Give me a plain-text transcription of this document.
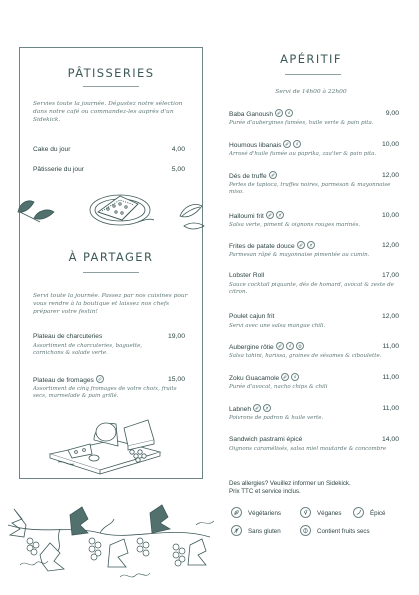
PÂTISSERIES
Servies toute la journée. Dégustez notre sélection dans notre café ou commandez-les auprès d'un Sidekick.
Cake du jour	4,00
Pâtisserie du jour	5,00
À PARTAGER
Servi toute la journée. Passez par nos cuisines pour vous rendre à la boutique et laissez nos chefs préparer votre festin!
Plateau de charcuteries	19,00
Assortiment de charcuteries, baguette, cornichons & salade verte.
Plateau de fromages	15,00
Assortiment de cinq fromages de votre choix, fruits secs, marmelade & pain grillé.
APÉRITIF
Servi de 14h00 à 22h00
Baba Ganoush	9,00
Purée d'aubergines fumées, huile verte & pain pita.
Houmous libanais	10,00
Arrosé d'huile fumée au paprika, zaa'ter & pain pita.
Dés de truffe	12,00
Perles de tapioca, truffes noires, parmesan & mayonnaise miso.
Halloumi frit	10,00
Salsa verte, piment & oignons rouges marinés.
Frites de patate douce	12,00
Parmesan râpé & mayonnaise pimentée au cumin.
Lobster Roll	17,00
Sauce cocktail piquante, dés de homard, avocat & zeste de citron.
Poulet cajun frit	12,00
Servi avec une salsa mangue chili.
Aubergine rôtie	11,00
Salsa tahini, harissa, graines de sésames & ciboulette.
Zoku Guacamole	11,00
Purée d'avocat, nacho chips & chili
Labneh	11,00
Poivrons de padron & huile verte.
Sandwich pastrami épicé	14,00
Oignons caramélisés, salsa miel moutarde & concombre
Des allergies? Veuillez informer un Sidekick.
Prix TTC et service inclus.
Végétariens	Véganes	Épicé
Sans gluten	Contient fruits secs
